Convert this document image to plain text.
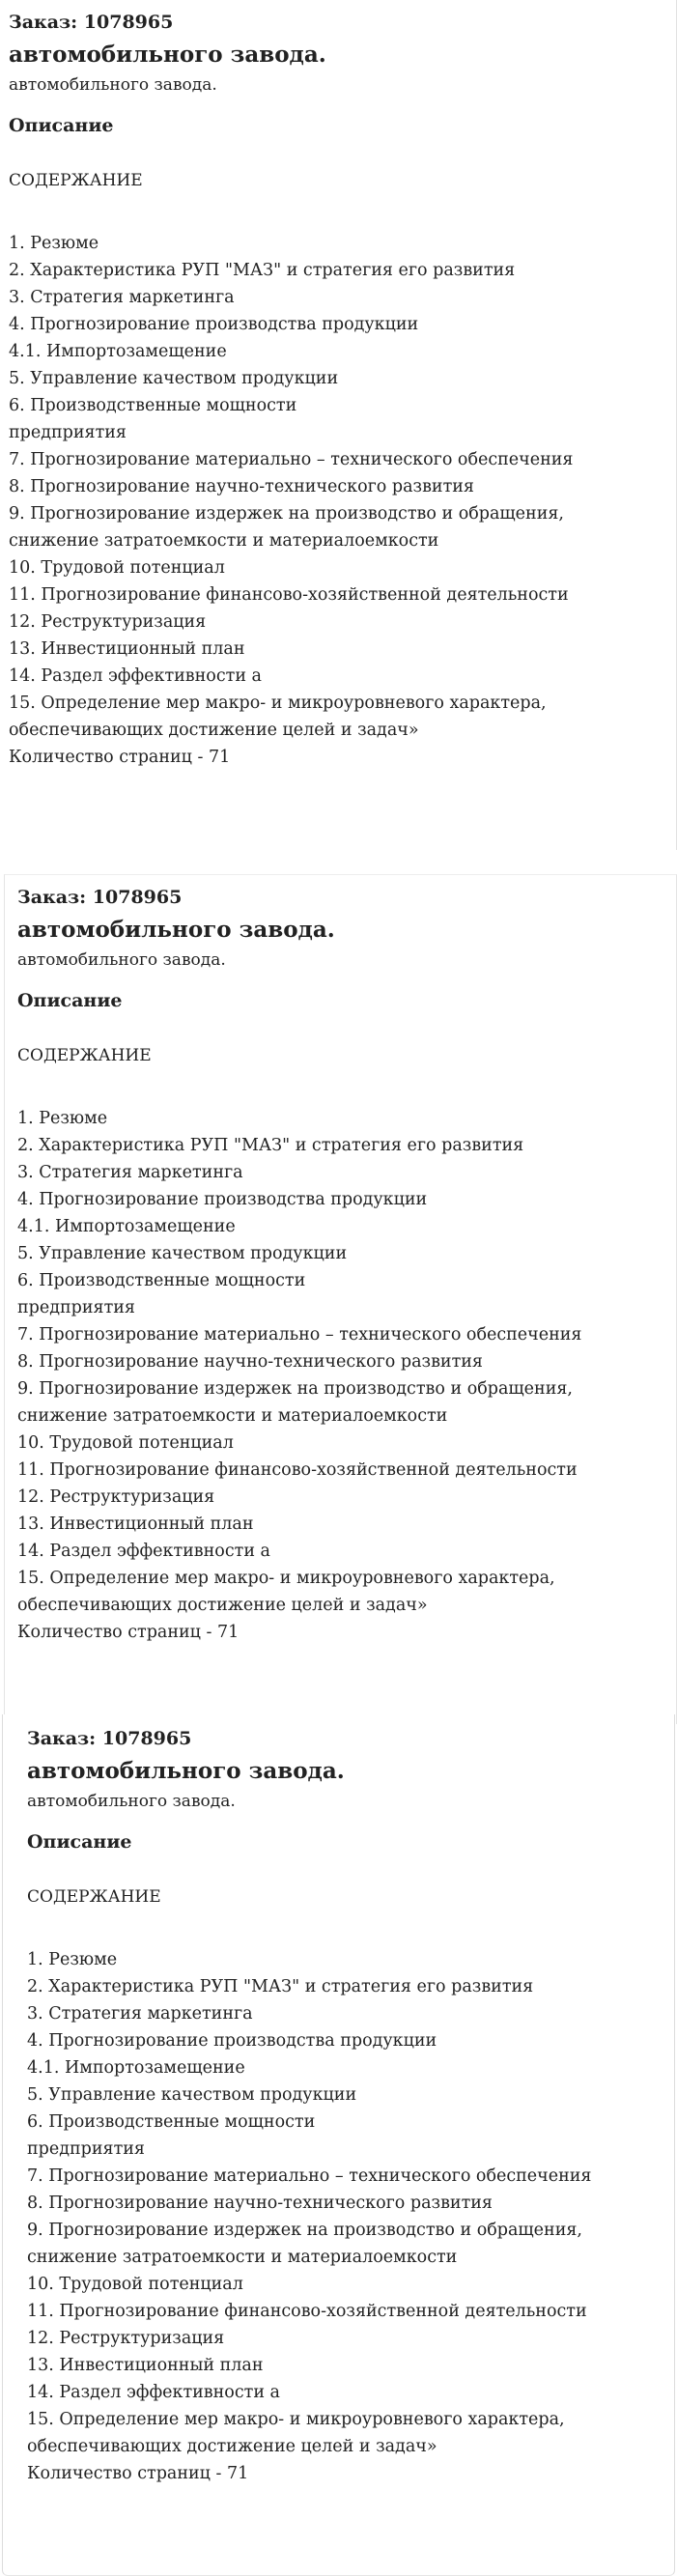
Заказ: 1078965

автомобильного завода.

автомобильного завода.

Описание

СОДЕРЖАНИЕ

1. Резюме
2. Характеристика РУП "МАЗ" и стратегия его развития
3. Стратегия маркетинга
4. Прогнозирование производства продукции
4.1. Импортозамещение
5. Управление качеством продукции
6. Производственные мощности
предприятия
7. Прогнозирование материально – технического обеспечения
8. Прогнозирование научно-технического развития
9. Прогнозирование издержек на производство и обращения,
снижение затратоемкости и материалоемкости
10. Трудовой потенциал
11. Прогнозирование финансово-хозяйственной деятельности
12. Реструктуризация
13. Инвестиционный план
14. Раздел эффективности а
15. Определение мер макро- и микроуровневого характера,
обеспечивающих достижение целей и задач»

Количество страниц - 71

Заказ: 1078965

автомобильного завода.

автомобильного завода.

Описание

СОДЕРЖАНИЕ

1. Резюме
2. Характеристика РУП "МАЗ" и стратегия его развития
3. Стратегия маркетинга
4. Прогнозирование производства продукции
4.1. Импортозамещение
5. Управление качеством продукции
6. Производственные мощности
предприятия
7. Прогнозирование материально – технического обеспечения
8. Прогнозирование научно-технического развития
9. Прогнозирование издержек на производство и обращения,
снижение затратоемкости и материалоемкости
10. Трудовой потенциал
11. Прогнозирование финансово-хозяйственной деятельности
12. Реструктуризация
13. Инвестиционный план
14. Раздел эффективности а
15. Определение мер макро- и микроуровневого характера,
обеспечивающих достижение целей и задач»

Количество страниц - 71

Заказ: 1078965

автомобильного завода.

автомобильного завода.

Описание

СОДЕРЖАНИЕ

1. Резюме
2. Характеристика РУП "МАЗ" и стратегия его развития
3. Стратегия маркетинга
4. Прогнозирование производства продукции
4.1. Импортозамещение
5. Управление качеством продукции
6. Производственные мощности
предприятия
7. Прогнозирование материально – технического обеспечения
8. Прогнозирование научно-технического развития
9. Прогнозирование издержек на производство и обращения,
снижение затратоемкости и материалоемкости
10. Трудовой потенциал
11. Прогнозирование финансово-хозяйственной деятельности
12. Реструктуризация
13. Инвестиционный план
14. Раздел эффективности а
15. Определение мер макро- и микроуровневого характера,
обеспечивающих достижение целей и задач»

Количество страниц - 71
